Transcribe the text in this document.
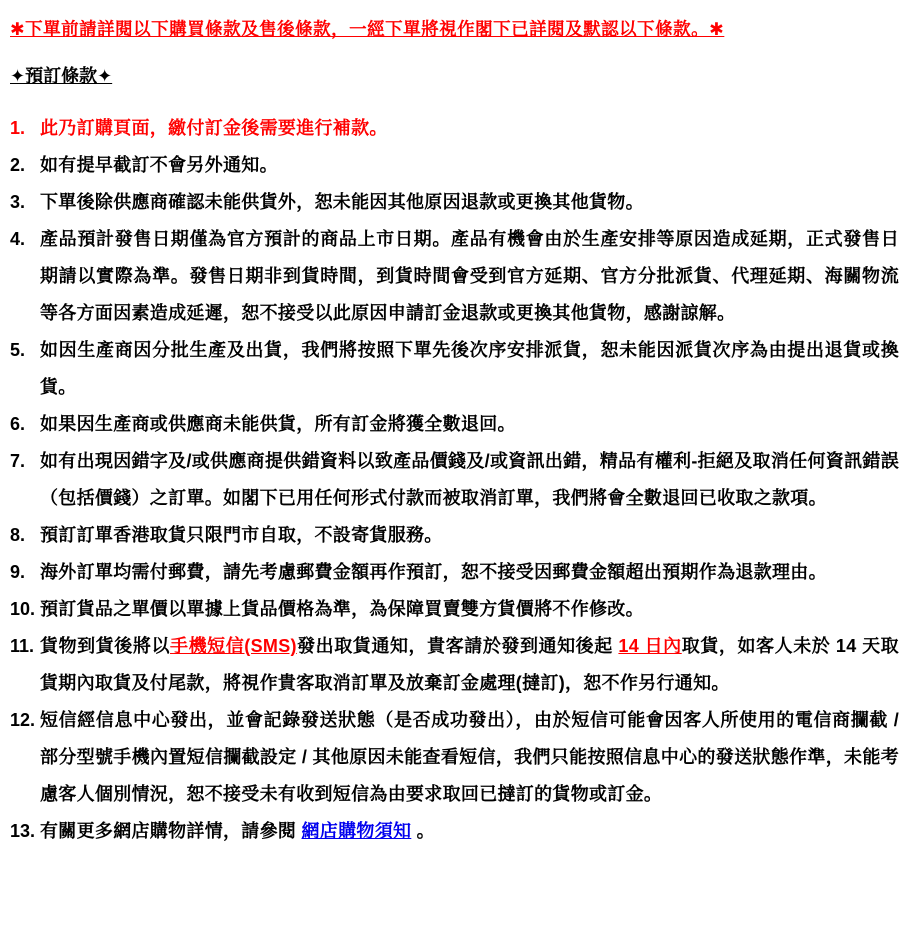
✱下單前請詳閱以下購買條款及售後條款，一經下單將視作閣下已詳閱及默認以下條款。✱
✦預訂條款✦
1. 此乃訂購頁面，繳付訂金後需要進行補款。
2. 如有提早截訂不會另外通知。
3. 下單後除供應商確認未能供貨外，恕未能因其他原因退款或更換其他貨物。
4. 產品預計發售日期僅為官方預計的商品上市日期。產品有機會由於生產安排等原因造成延期，正式發售日期請以實際為準。發售日期非到貨時間，到貨時間會受到官方延期、官方分批派貨、代理延期、海關物流等各方面因素造成延遲，恕不接受以此原因申請訂金退款或更換其他貨物，感謝諒解。
5. 如因生產商因分批生產及出貨，我們將按照下單先後次序安排派貨，恕未能因派貨次序為由提出退貨或換貨。
6. 如果因生產商或供應商未能供貨，所有訂金將獲全數退回。
7. 如有出現因錯字及/或供應商提供錯資料以致產品價錢及/或資訊出錯，精品有權利-拒絕及取消任何資訊錯誤（包括價錢）之訂單。如閣下已用任何形式付款而被取消訂單，我們將會全數退回已收取之款項。
8. 預訂訂單香港取貨只限門市自取，不設寄貨服務。
9. 海外訂單均需付郵費，請先考慮郵費金額再作預訂，恕不接受因郵費金額超出預期作為退款理由。
10. 預訂貨品之單價以單據上貨品價格為準，為保障買賣雙方貨價將不作修改。
11. 貨物到貨後將以手機短信(SMS)發出取貨通知，貴客請於發到通知後起 14 日內取貨，如客人未於 14 天取貨期內取貨及付尾款，將視作貴客取消訂單及放棄訂金處理(撻訂)，恕不作另行通知。
12. 短信經信息中心發出，並會記錄發送狀態（是否成功發出），由於短信可能會因客人所使用的電信商攔截 / 部分型號手機內置短信攔截設定 / 其他原因未能查看短信，我們只能按照信息中心的發送狀態作準，未能考慮客人個別情況，恕不接受未有收到短信為由要求取回已撻訂的貨物或訂金。
13. 有關更多網店購物詳情，請參閱 網店購物須知 。
